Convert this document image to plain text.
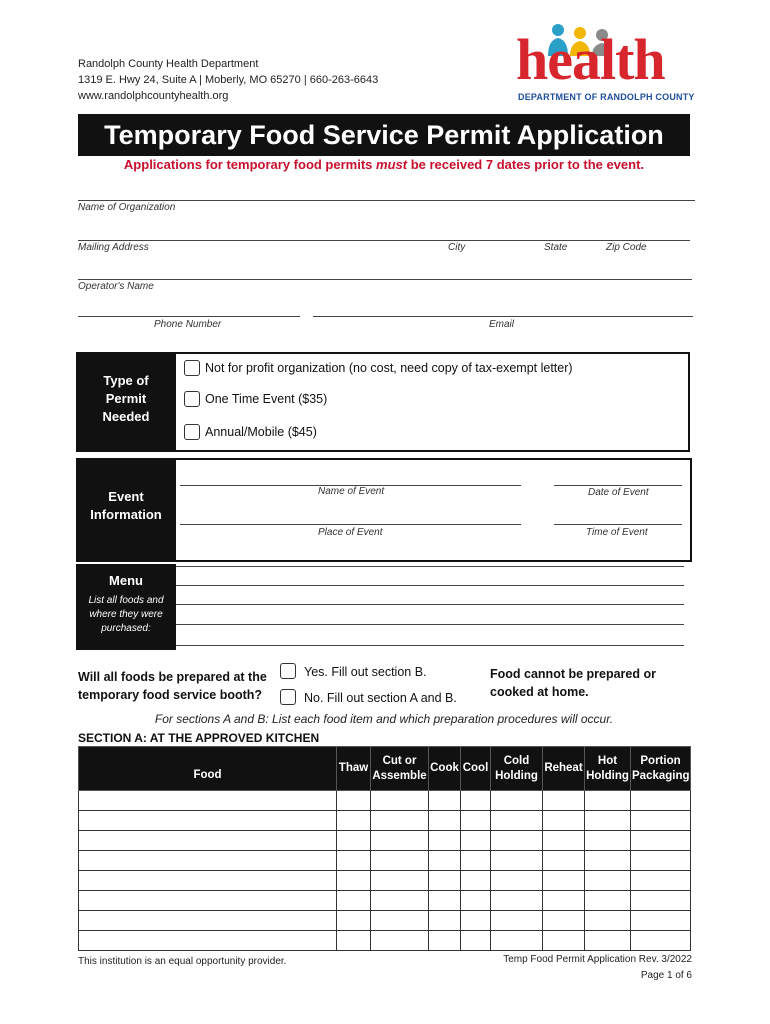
Randolph County Health Department
1319 E. Hwy 24, Suite A | Moberly, MO 65270 | 660-263-6643
www.randolphcountyhealth.org
health
DEPARTMENT OF RANDOLPH COUNTY
Temporary Food Service Permit Application
Applications for temporary food permits must be received 7 dates prior to the event.
Name of Organization
Mailing Address	City	State	Zip Code
Operator's Name
Phone Number	Email
Type of Permit Needed
Not for profit organization (no cost, need copy of tax-exempt letter)
One Time Event ($35)
Annual/Mobile ($45)
Event Information
Name of Event	Date of Event
Place of Event	Time of Event
Menu
List all foods and where they were purchased:
Will all foods be prepared at the temporary food service booth?
Yes. Fill out section B.
No. Fill out section A and B.
Food cannot be prepared or cooked at home.
For sections A and B: List each food item and which preparation procedures will occur.
SECTION A: AT THE APPROVED KITCHEN
Food	Thaw	Cut or Assemble	Cook	Cool	Cold Holding	Reheat	Hot Holding	Portion Packaging

This institution is an equal opportunity provider.	Temp Food Permit Application Rev. 3/2022
Page 1 of 6
